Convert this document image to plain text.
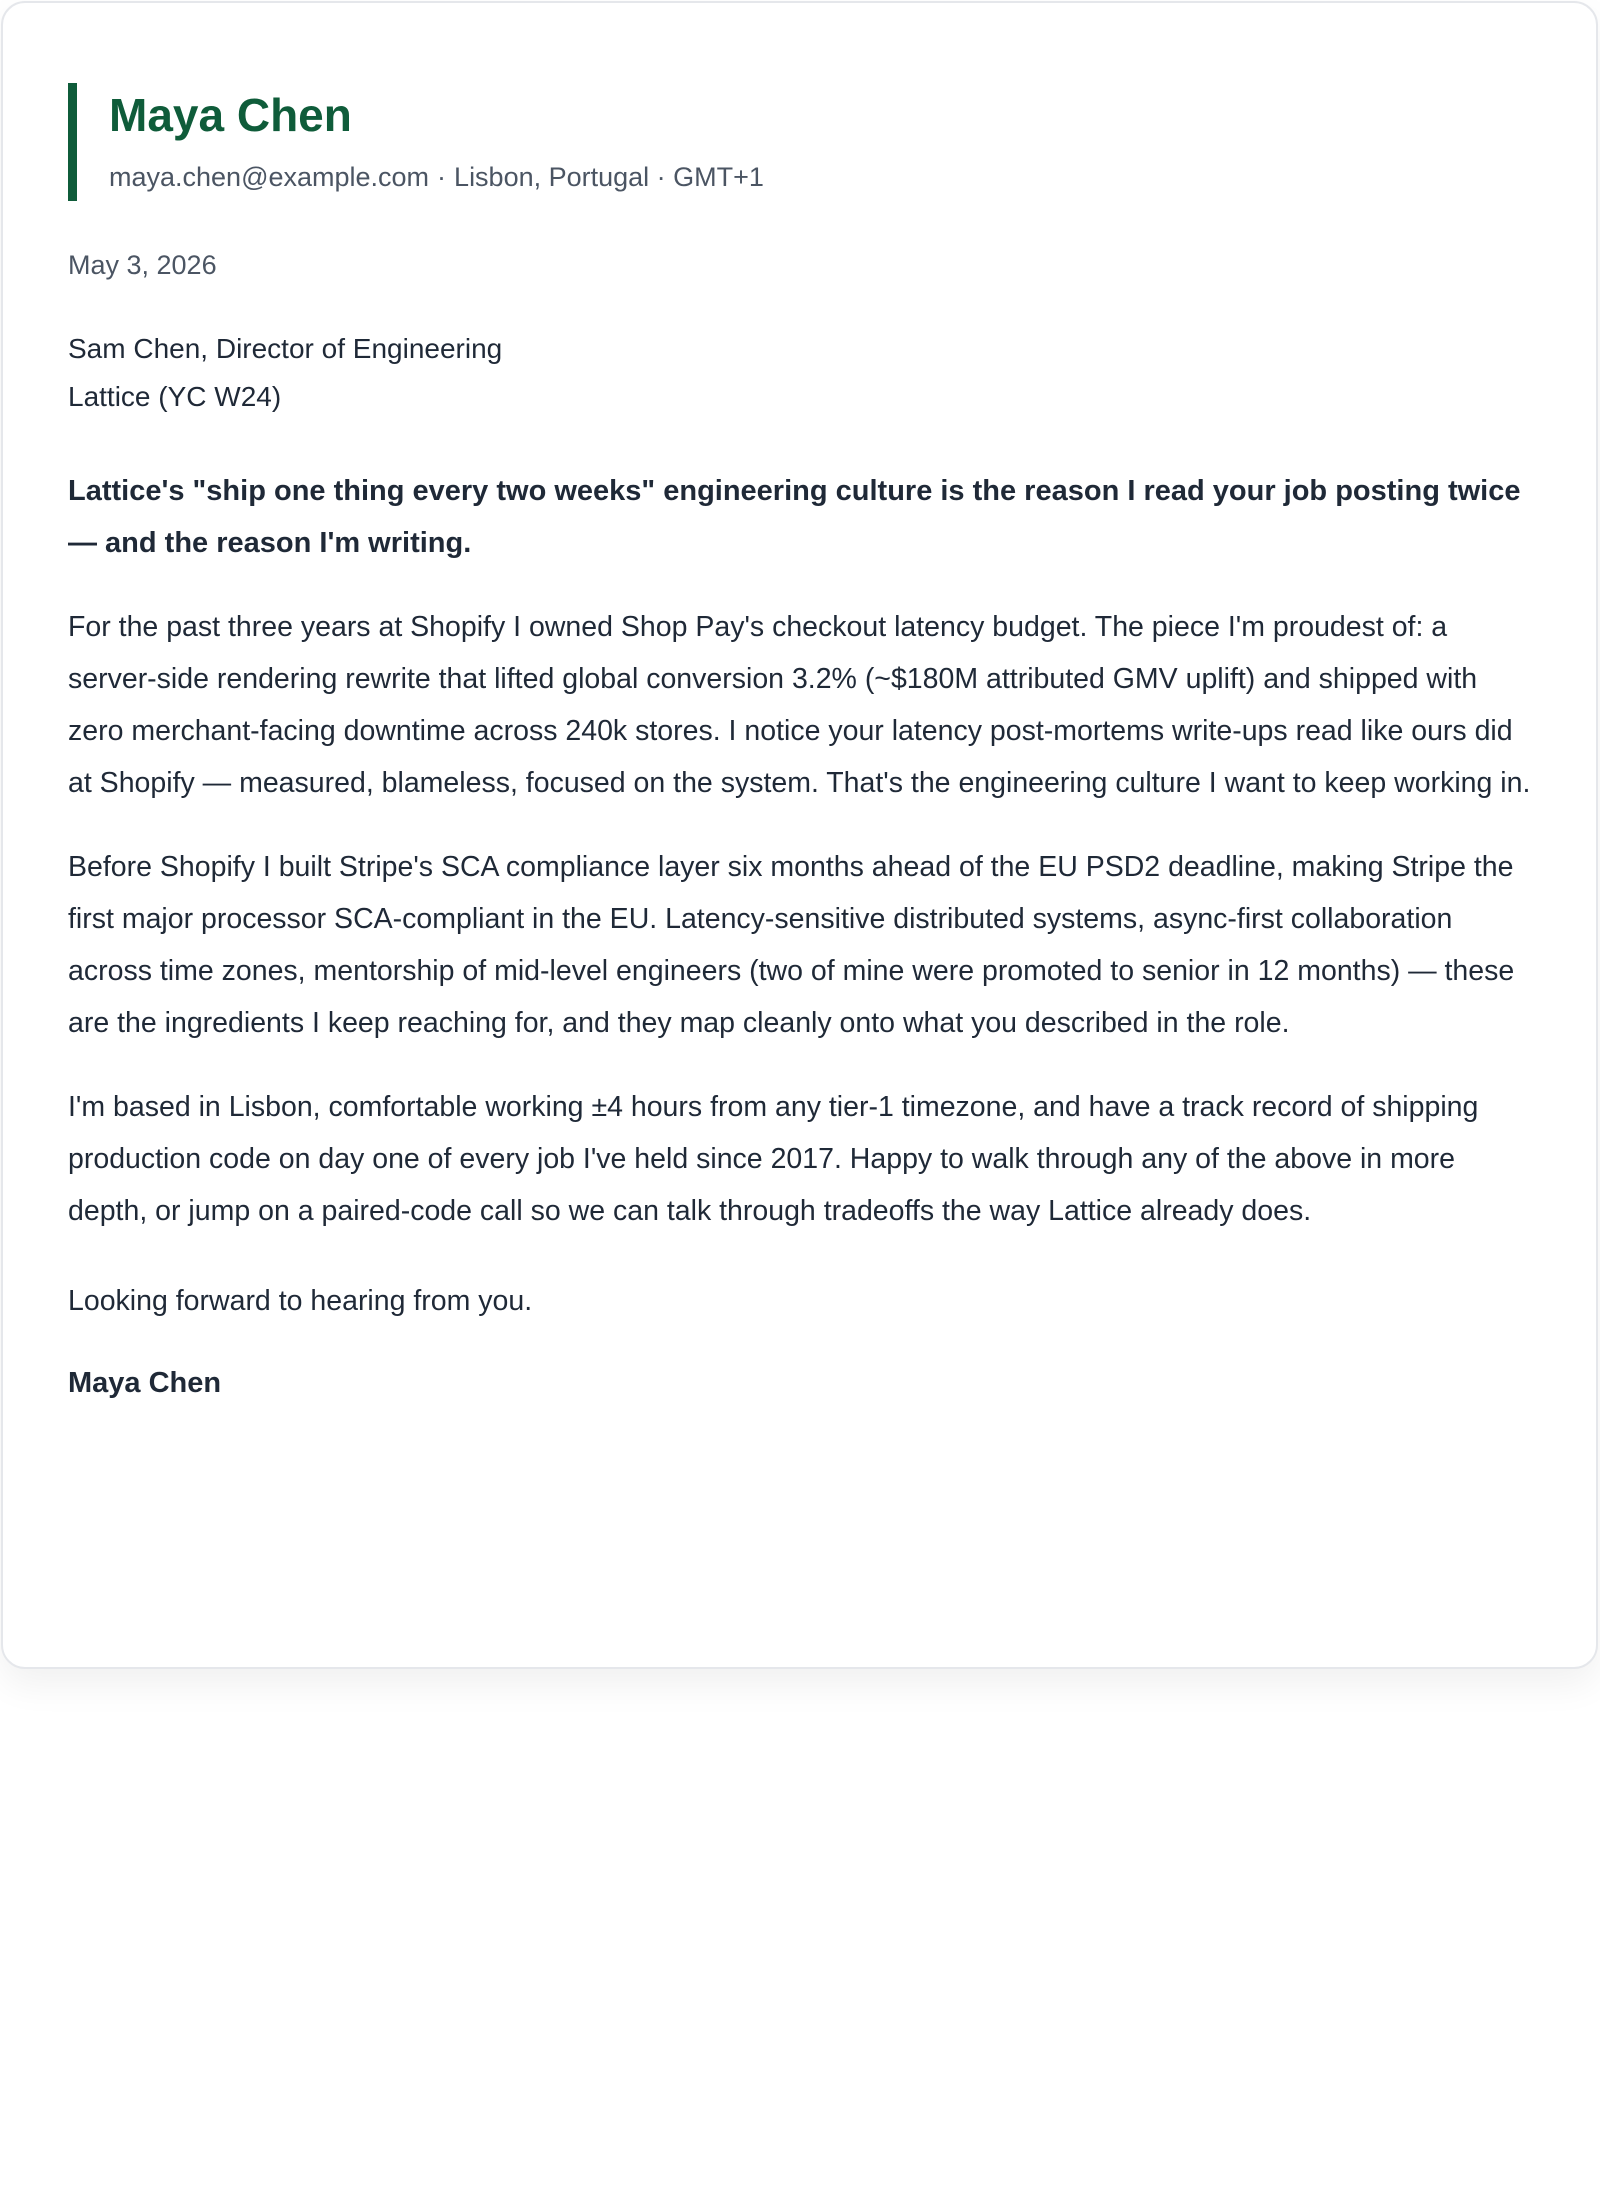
Maya Chen
maya.chen@example.com · Lisbon, Portugal · GMT+1
May 3, 2026
Sam Chen, Director of Engineering
Lattice (YC W24)
Lattice's "ship one thing every two weeks" engineering culture is the reason I read your job posting twice — and the reason I'm writing.
For the past three years at Shopify I owned Shop Pay's checkout latency budget. The piece I'm proudest of: a server-side rendering rewrite that lifted global conversion 3.2% (~$180M attributed GMV uplift) and shipped with zero merchant-facing downtime across 240k stores. I notice your latency post-mortems write-ups read like ours did at Shopify — measured, blameless, focused on the system. That's the engineering culture I want to keep working in.
Before Shopify I built Stripe's SCA compliance layer six months ahead of the EU PSD2 deadline, making Stripe the first major processor SCA-compliant in the EU. Latency-sensitive distributed systems, async-first collaboration across time zones, mentorship of mid-level engineers (two of mine were promoted to senior in 12 months) — these are the ingredients I keep reaching for, and they map cleanly onto what you described in the role.
I'm based in Lisbon, comfortable working ±4 hours from any tier-1 timezone, and have a track record of shipping production code on day one of every job I've held since 2017. Happy to walk through any of the above in more depth, or jump on a paired-code call so we can talk through tradeoffs the way Lattice already does.
Looking forward to hearing from you.
Maya Chen
